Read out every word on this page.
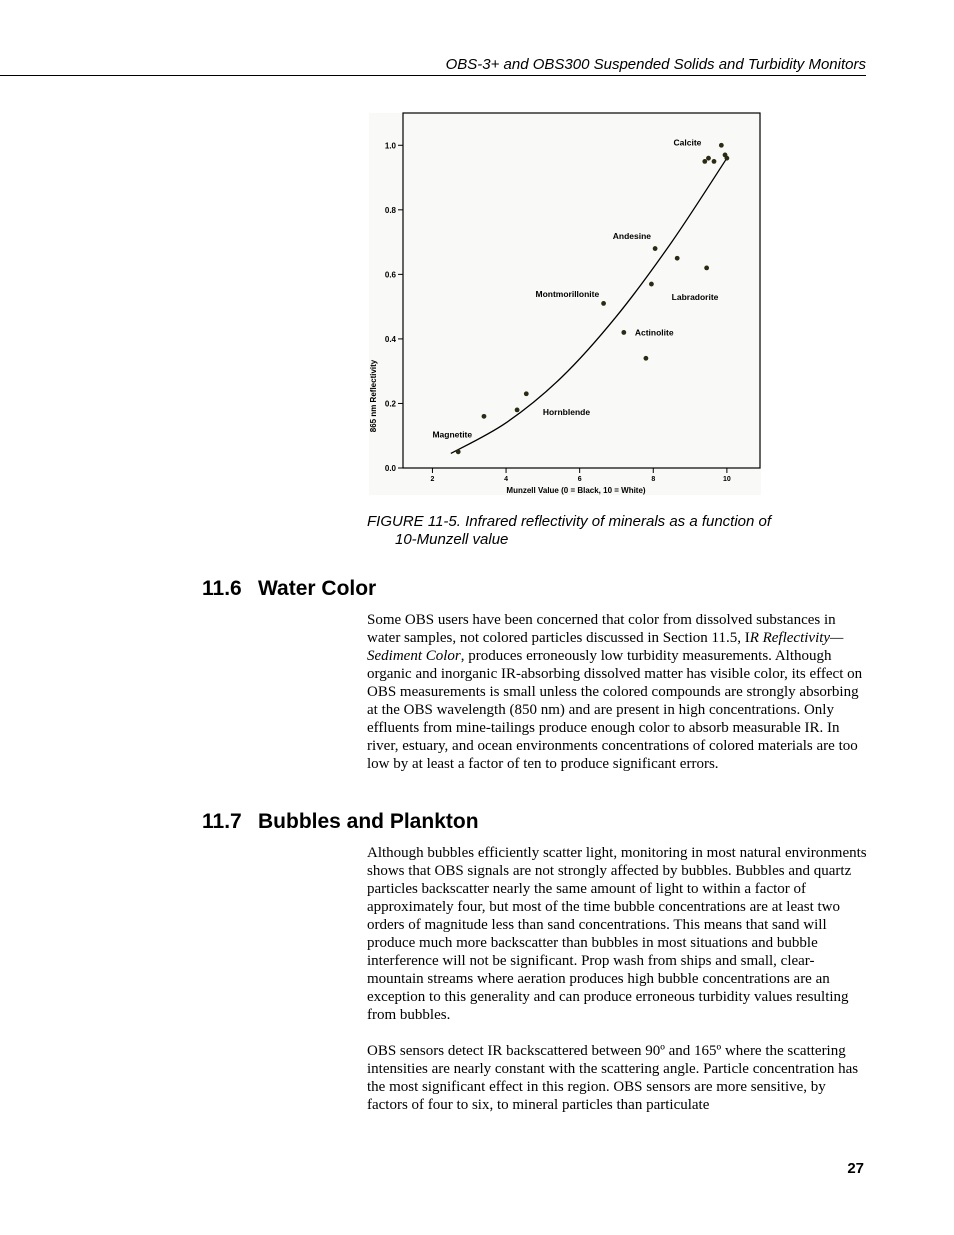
OBS-3+ and OBS300 Suspended Solids and Turbidity Monitors
0.0
0.2
0.4
0.6
0.8
1.0
2	4	6	8	10
Calcite
Andesine
Montmorillonite	Labradorite
Actinolite
Hornblende
Magnetite
865 nm Reflectivity
Munzell Value (0 = Black, 10 = White)
FIGURE 11-5. Infrared reflectivity of minerals as a function of
10-Munzell value
11.6 Water Color

Some OBS users have been concerned that color from dissolved substances in water samples, not colored particles discussed in Section 11.5, IR Reflectivity—Sediment Color, produces erroneously low turbidity measurements. Although organic and inorganic IR-absorbing dissolved matter has visible color, its effect on OBS measurements is small unless the colored compounds are strongly absorbing at the OBS wavelength (850 nm) and are present in high concentrations. Only effluents from mine-tailings produce enough color to absorb measurable IR. In river, estuary, and ocean environments concentrations of colored materials are too low by at least a factor of ten to produce significant errors.

11.7 Bubbles and Plankton

Although bubbles efficiently scatter light, monitoring in most natural environments shows that OBS signals are not strongly affected by bubbles. Bubbles and quartz particles backscatter nearly the same amount of light to within a factor of approximately four, but most of the time bubble concentrations are at least two orders of magnitude less than sand concentrations. This means that sand will produce much more backscatter than bubbles in most situations and bubble interference will not be significant. Prop wash from ships and small, clear-mountain streams where aeration produces high bubble concentrations are an exception to this generality and can produce erroneous turbidity values resulting from bubbles.

OBS sensors detect IR backscattered between 90º and 165º where the scattering intensities are nearly constant with the scattering angle. Particle concentration has the most significant effect in this region. OBS sensors are more sensitive, by factors of four to six, to mineral particles than particulate

27
